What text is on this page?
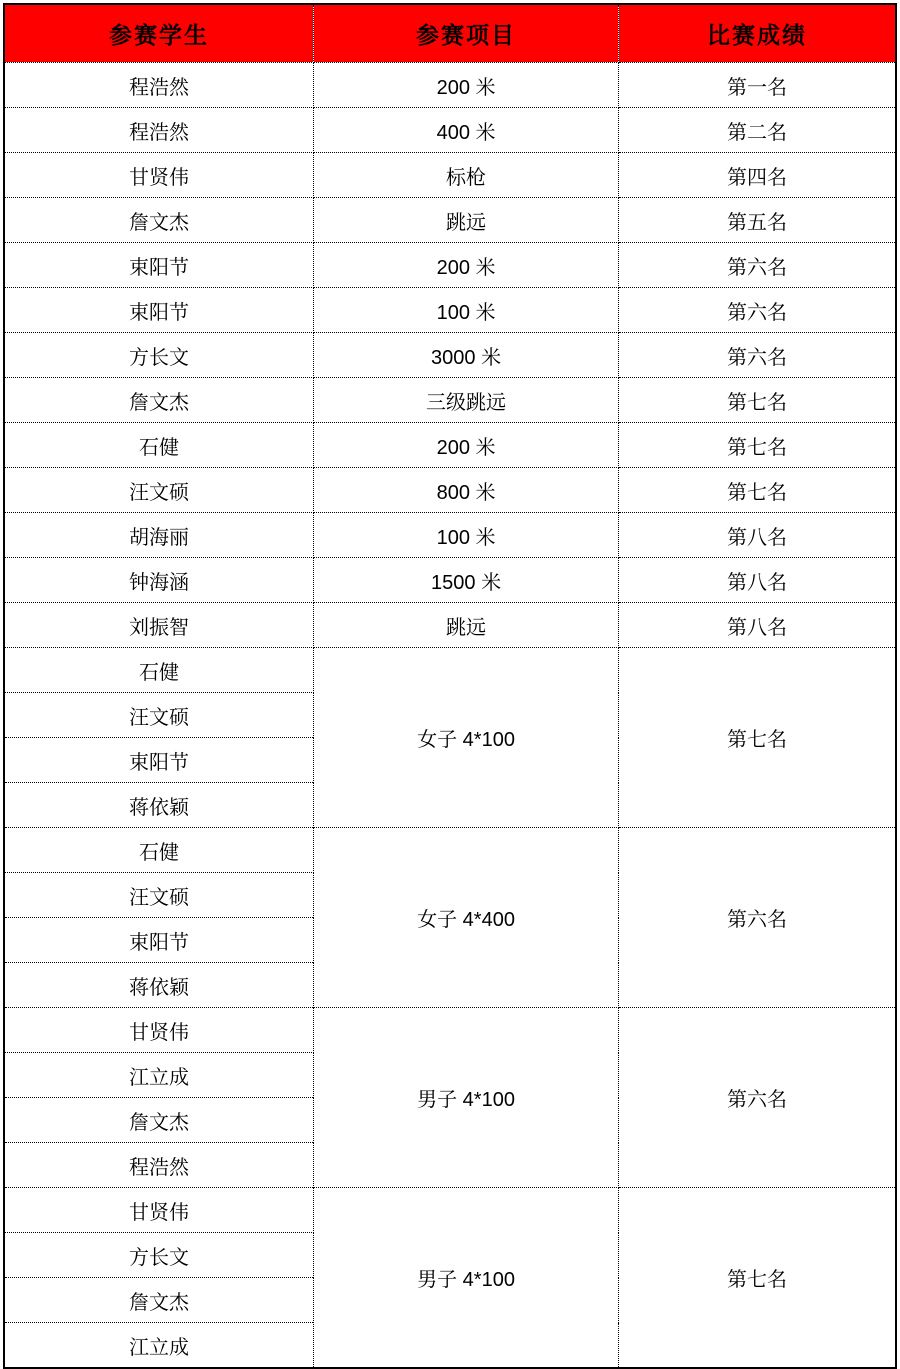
参赛学生	参赛项目	比赛成绩
程浩然	200 米	第一名
程浩然	400 米	第二名
甘贤伟	标枪	第四名
詹文杰	跳远	第五名
束阳节	200 米	第六名
束阳节	100 米	第六名
方长文	3000 米	第六名
詹文杰	三级跳远	第七名
石健	200 米	第七名
汪文硕	800 米	第七名
胡海丽	100 米	第八名
钟海涵	1500 米	第八名
刘振智	跳远	第八名
石健	女子 4*100	第七名
汪文硕		
束阳节		
蒋依颖		
石健	女子 4*400	第六名
汪文硕		
束阳节		
蒋依颖		
甘贤伟	男子 4*100	第六名
江立成		
詹文杰		
程浩然		
甘贤伟	男子 4*100	第七名
方长文		
詹文杰		
江立成		
